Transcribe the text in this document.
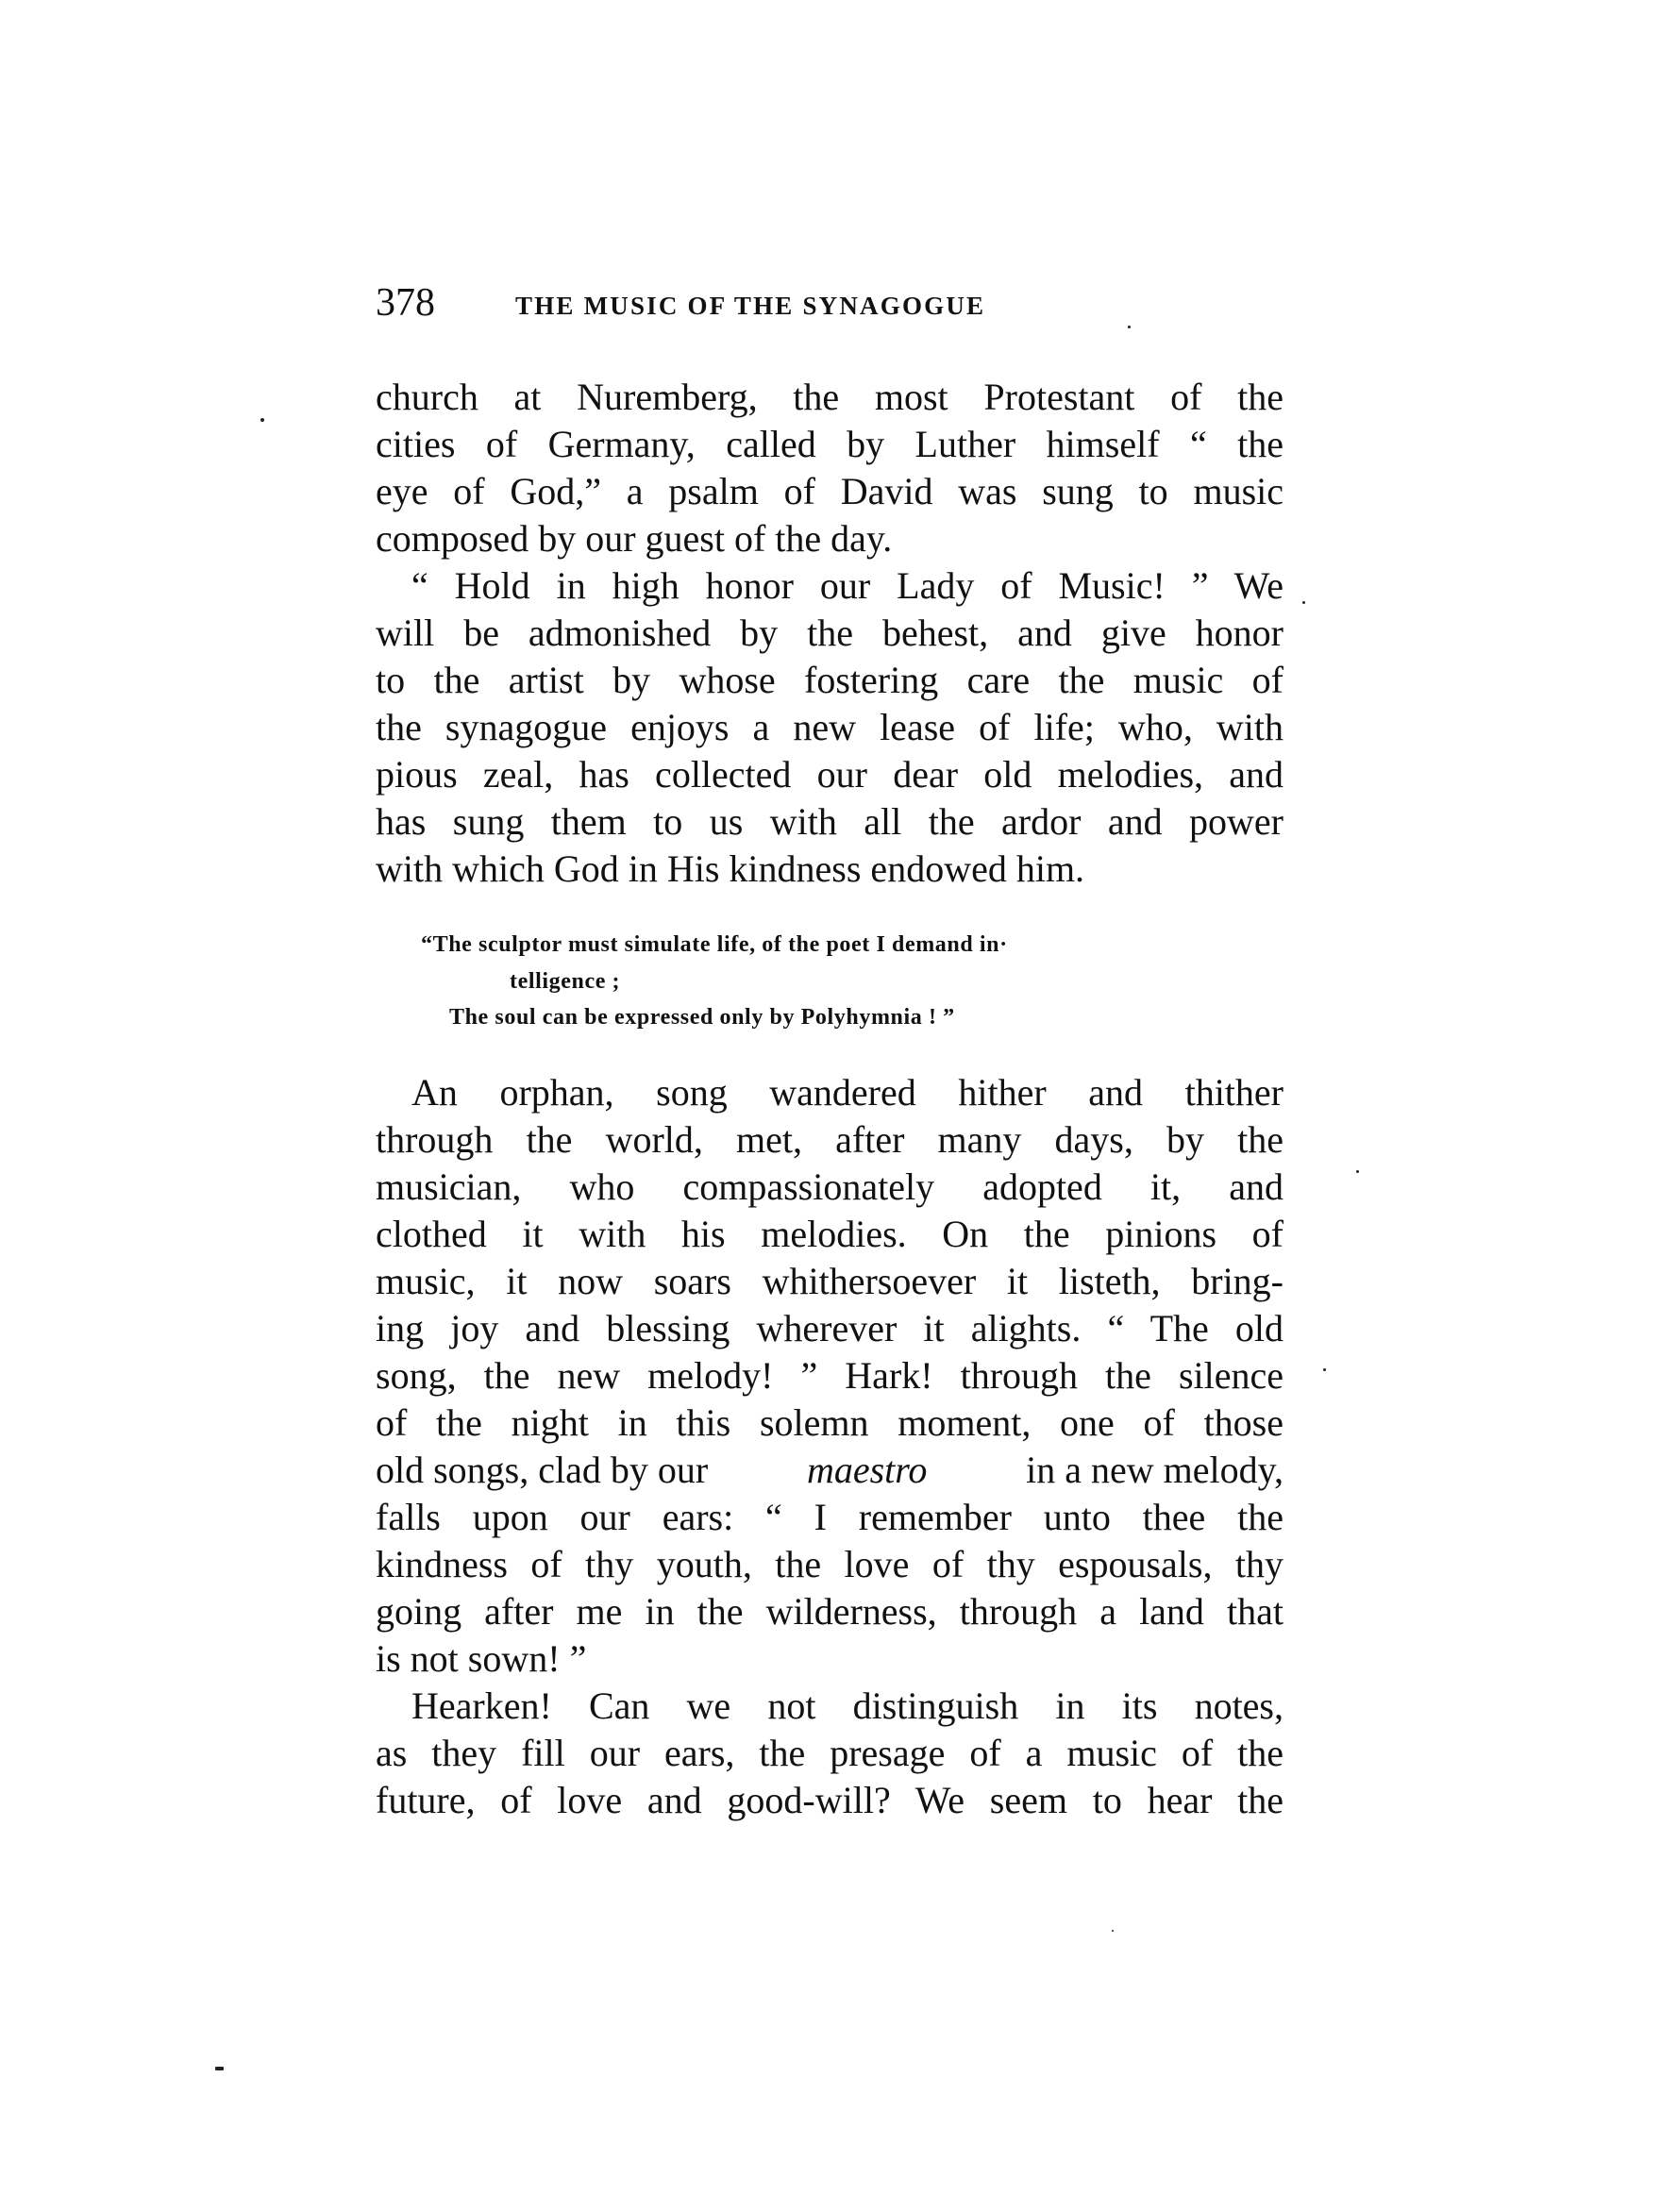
378	THE MUSIC OF THE SYNAGOGUE
church at Nuremberg, the most Protestant of the
cities of Germany, called by Luther himself “ the
eye of God,” a psalm of David was sung to music
composed by our guest of the day.
“ Hold in high honor our Lady of Music! ” We
will be admonished by the behest, and give honor
to the artist by whose fostering care the music of
the synagogue enjoys a new lease of life; who, with
pious zeal, has collected our dear old melodies, and
has sung them to us with all the ardor and power
with which God in His kindness endowed him.
“The sculptor must simulate life, of the poet I demand in·
telligence ;
The soul can be expressed only by Polyhymnia ! ”
An orphan, song wandered hither and thither
through the world, met, after many days, by the
musician, who compassionately adopted it, and
clothed it with his melodies. On the pinions of
music, it now soars whithersoever it listeth, bring-
ing joy and blessing wherever it alights. “ The old
song, the new melody! ” Hark! through the silence
of the night in this solemn moment, one of those
old songs, clad by our	maestro	in a new melody,
falls upon our ears: “ I remember unto thee the
kindness of thy youth, the love of thy espousals, thy
going after me in the wilderness, through a land that
is not sown! ”
Hearken! Can we not distinguish in its notes,
as they fill our ears, the presage of a music of the
future, of love and good-will? We seem to hear the
